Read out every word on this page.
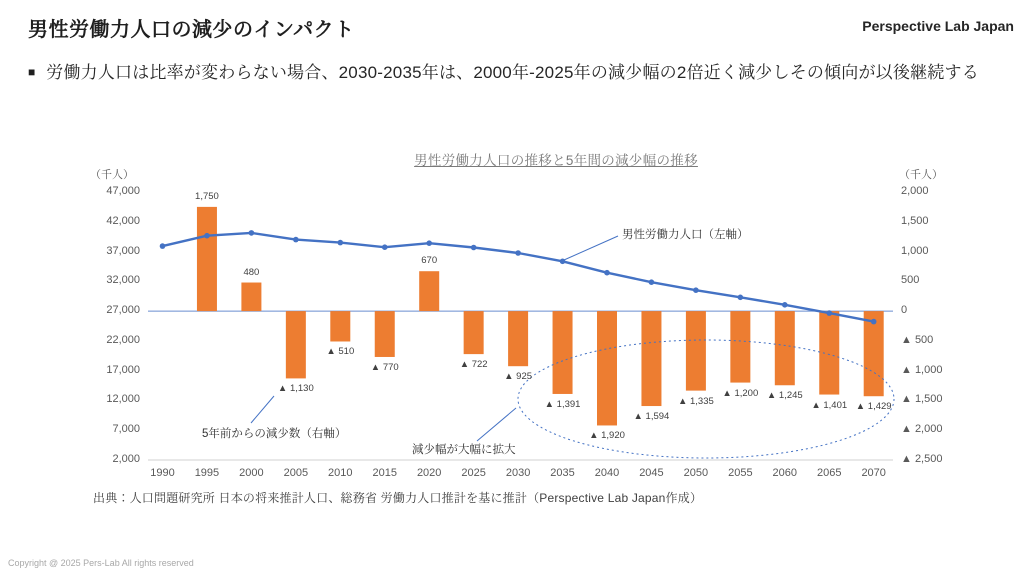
男性労働力人口の減少のインパクト	Perspective Lab Japan
■ 労働力人口は比率が変わらない場合、2030-2035年は、2000年-2025年の減少幅の2倍近く減少しその傾向が以後継続する
男性労働力人口の推移と5年間の減少幅の推移
（千人）	（千人）
1,750
480
▲ 1,130
▲ 510
▲ 770
670
▲ 722
▲ 925
▲ 1,391
▲ 1,920
▲ 1,594
▲ 1,335
▲ 1,200 ▲ 1,245
▲ 1,401 ▲ 1,429
47,000
42,000
37,000
32,000
27,000
22,000
17,000
12,000
7,000
2,000
2,000
1,500
1,000
500
0
▲ 500
▲ 1,000
▲ 1,500
▲ 2,000
▲ 2,500
1990	1995	2000	2005	2010	2015	2020	2025	2030	2035	2040	2045	2050	2055	2060	2065	2070
男性労働力人口（左軸）
5年前からの減少数（右軸）
減少幅が大幅に拡大
出典：人口問題研究所 日本の将来推計人口、総務省 労働力人口推計を基に推計（Perspective Lab Japan作成）
Copyright @ 2025 Pers-Lab All rights reserved
